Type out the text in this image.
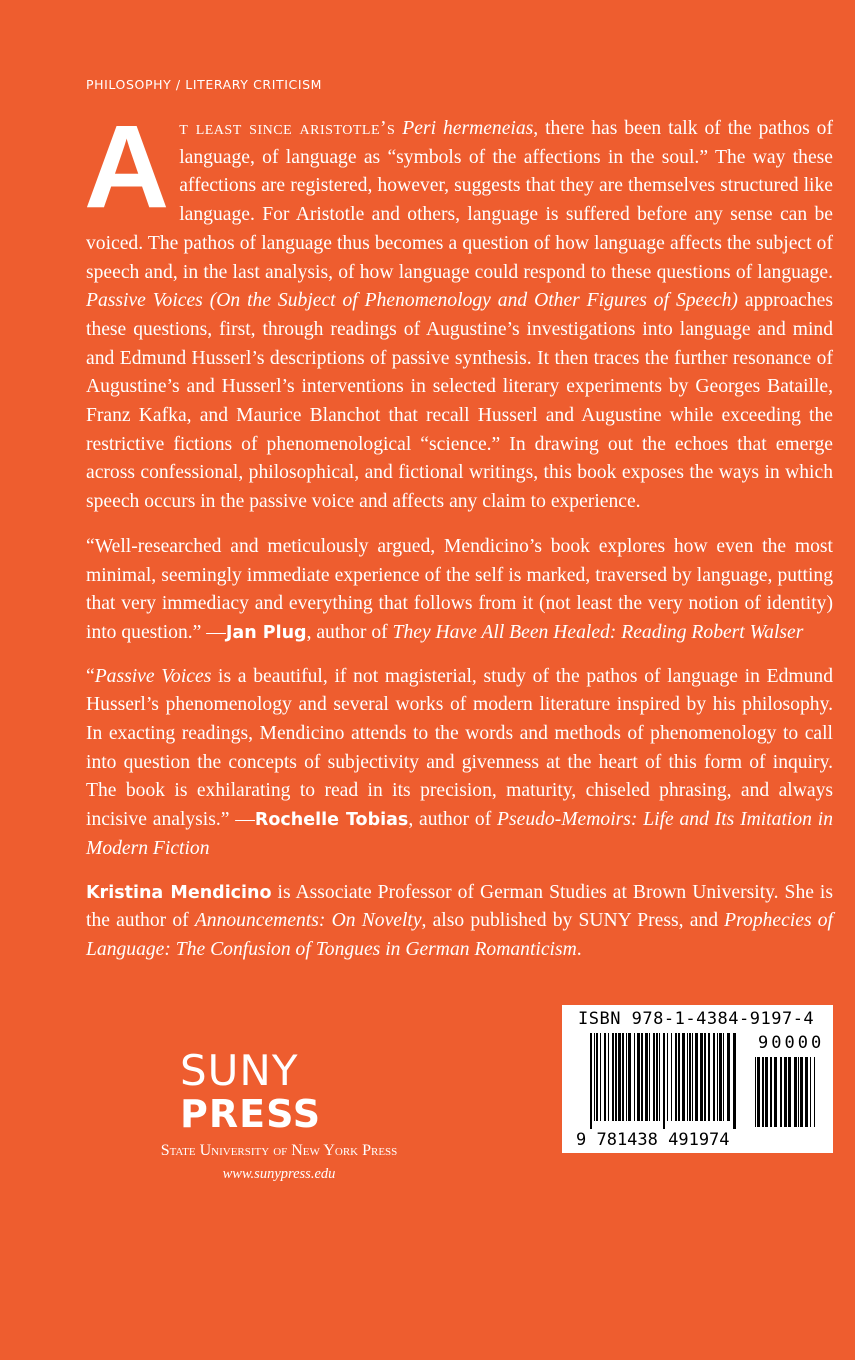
PHILOSOPHY / LITERARY CRITICISM
At least since aristotle’s Peri hermeneias, there has been talk of the pathos of language, of language as “symbols of the affections in the soul.” The way these affections are registered, however, suggests that they are themselves structured like language. For Aristotle and others, language is suffered before any sense can be voiced. The pathos of language thus becomes a question of how language affects the subject of speech and, in the last analysis, of how language could respond to these questions of language. Passive Voices (On the Subject of Phenomenology and Other Figures of Speech) approaches these questions, first, through readings of Augustine’s investigations into language and mind and Edmund Husserl’s descriptions of passive synthesis. It then traces the further resonance of Augustine’s and Husserl’s interventions in selected literary experiments by Georges Bataille, Franz Kafka, and Maurice Blanchot that recall Husserl and Augustine while exceeding the restrictive fictions of phenomenological “science.” In drawing out the echoes that emerge across confessional, philosophical, and fictional writings, this book exposes the ways in which speech occurs in the passive voice and affects any claim to experience.
“Well-researched and meticulously argued, Mendicino’s book explores how even the most minimal, seemingly immediate experience of the self is marked, traversed by language, putting that very immediacy and everything that follows from it (not least the very notion of identity) into question.” —Jan Plug, author of They Have All Been Healed: Reading Robert Walser
“Passive Voices is a beautiful, if not magisterial, study of the pathos of language in Edmund Husserl’s phenomenology and several works of modern literature inspired by his philosophy. In exacting readings, Mendicino attends to the words and methods of phenomenology to call into question the concepts of subjectivity and givenness at the heart of this form of inquiry. The book is exhilarating to read in its precision, maturity, chiseled phrasing, and always incisive analysis.” —Rochelle Tobias, author of Pseudo-Memoirs: Life and Its Imitation in Modern Fiction
Kristina Mendicino is Associate Professor of German Studies at Brown University. She is the author of Announcements: On Novelty, also published by SUNY Press, and Prophecies of Language: The Confusion of Tongues in German Romanticism.
SUNY
PRESS
State University of New York Press
www.sunypress.edu
ISBN 978-1-4384-9197-4
90000
9 781438 491974
